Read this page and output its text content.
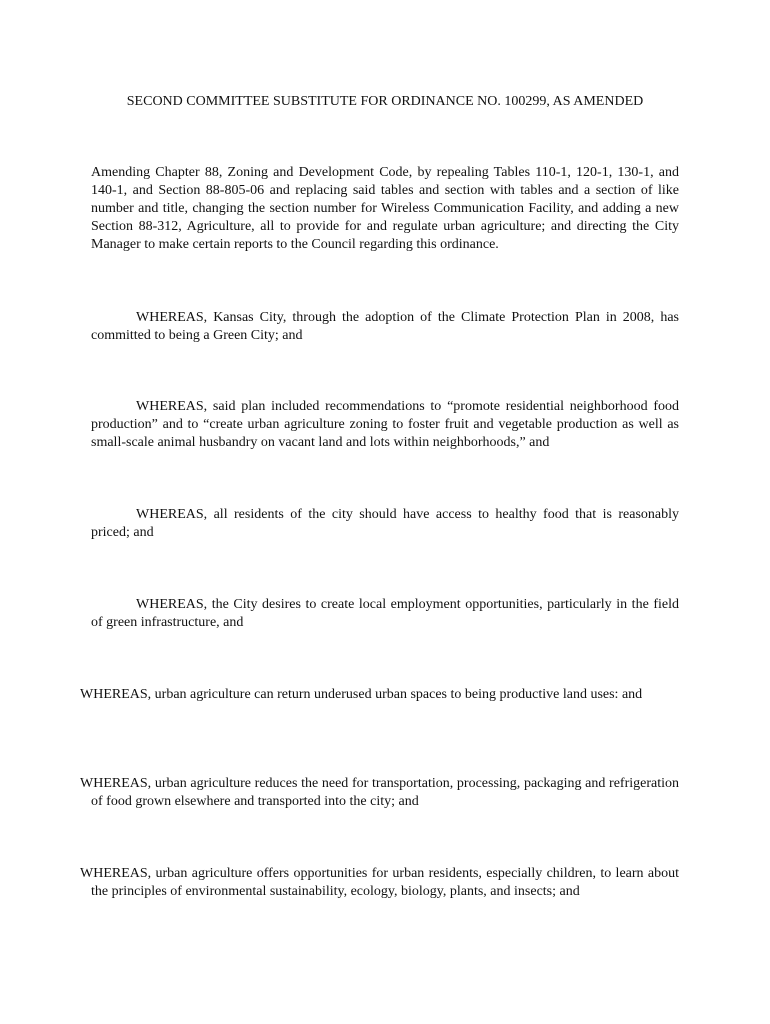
SECOND COMMITTEE SUBSTITUTE FOR ORDINANCE NO. 100299, AS AMENDED

Amending Chapter 88, Zoning and Development Code, by repealing Tables 110-1, 120-1, 130-1, and 140-1, and Section 88-805-06 and replacing said tables and section with tables and a section of like number and title, changing the section number for Wireless Communication Facility, and adding a new Section 88-312, Agriculture, all to provide for and regulate urban agriculture; and directing the City Manager to make certain reports to the Council regarding this ordinance.

WHEREAS, Kansas City, through the adoption of the Climate Protection Plan in 2008, has committed to being a Green City; and

WHEREAS, said plan included recommendations to “promote residential neighborhood food production” and to “create urban agriculture zoning to foster fruit and vegetable production as well as small-scale animal husbandry on vacant land and lots within neighborhoods,” and

WHEREAS, all residents of the city should have access to healthy food that is reasonably priced; and

WHEREAS, the City desires to create local employment opportunities, particularly in the field of green infrastructure, and

WHEREAS, urban agriculture can return underused urban spaces to being productive land uses: and

WHEREAS, urban agriculture reduces the need for transportation, processing, packaging and refrigeration of food grown elsewhere and transported into the city; and

WHEREAS, urban agriculture offers opportunities for urban residents, especially children, to learn about the principles of environmental sustainability, ecology, biology, plants, and insects; and
